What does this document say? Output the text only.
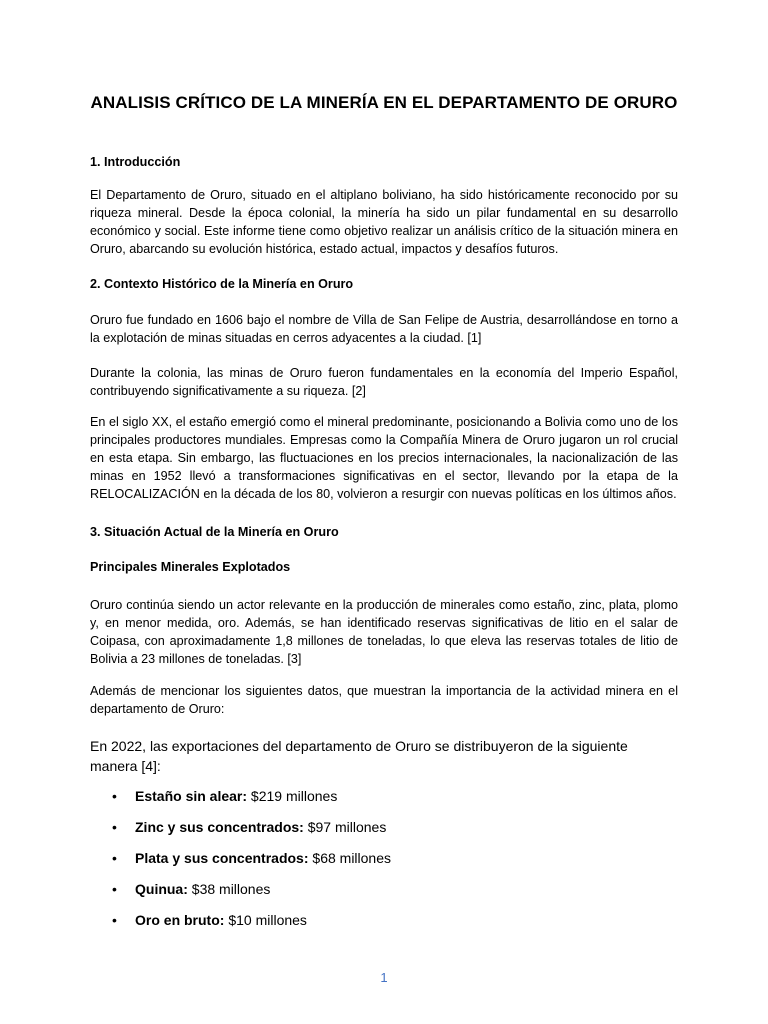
ANALISIS CRÍTICO DE LA MINERÍA EN EL DEPARTAMENTO DE ORURO
1. Introducción
El Departamento de Oruro, situado en el altiplano boliviano, ha sido históricamente reconocido por su riqueza mineral. Desde la época colonial, la minería ha sido un pilar fundamental en su desarrollo económico y social. Este informe tiene como objetivo realizar un análisis crítico de la situación minera en Oruro, abarcando su evolución histórica, estado actual, impactos y desafíos futuros.
2. Contexto Histórico de la Minería en Oruro
Oruro fue fundado en 1606 bajo el nombre de Villa de San Felipe de Austria, desarrollándose en torno a la explotación de minas situadas en cerros adyacentes a la ciudad. [1]
Durante la colonia, las minas de Oruro fueron fundamentales en la economía del Imperio Español, contribuyendo significativamente a su riqueza. [2]
En el siglo XX, el estaño emergió como el mineral predominante, posicionando a Bolivia como uno de los principales productores mundiales. Empresas como la Compañía Minera de Oruro jugaron un rol crucial en esta etapa. Sin embargo, las fluctuaciones en los precios internacionales, la nacionalización de las minas en 1952 llevó a transformaciones significativas en el sector, llevando por la etapa de la RELOCALIZACIÓN en la década de los 80, volvieron a resurgir con nuevas políticas en los últimos años.
3. Situación Actual de la Minería en Oruro
Principales Minerales Explotados
Oruro continúa siendo un actor relevante en la producción de minerales como estaño, zinc, plata, plomo y, en menor medida, oro. Además, se han identificado reservas significativas de litio en el salar de Coipasa, con aproximadamente 1,8 millones de toneladas, lo que eleva las reservas totales de litio de Bolivia a 23 millones de toneladas. [3]
Además de mencionar los siguientes datos, que muestran la importancia de la actividad minera en el departamento de Oruro:
En 2022, las exportaciones del departamento de Oruro se distribuyeron de la siguiente manera [4]:
• Estaño sin alear: $219 millones
• Zinc y sus concentrados: $97 millones
• Plata y sus concentrados: $68 millones
• Quinua: $38 millones
• Oro en bruto: $10 millones
1
